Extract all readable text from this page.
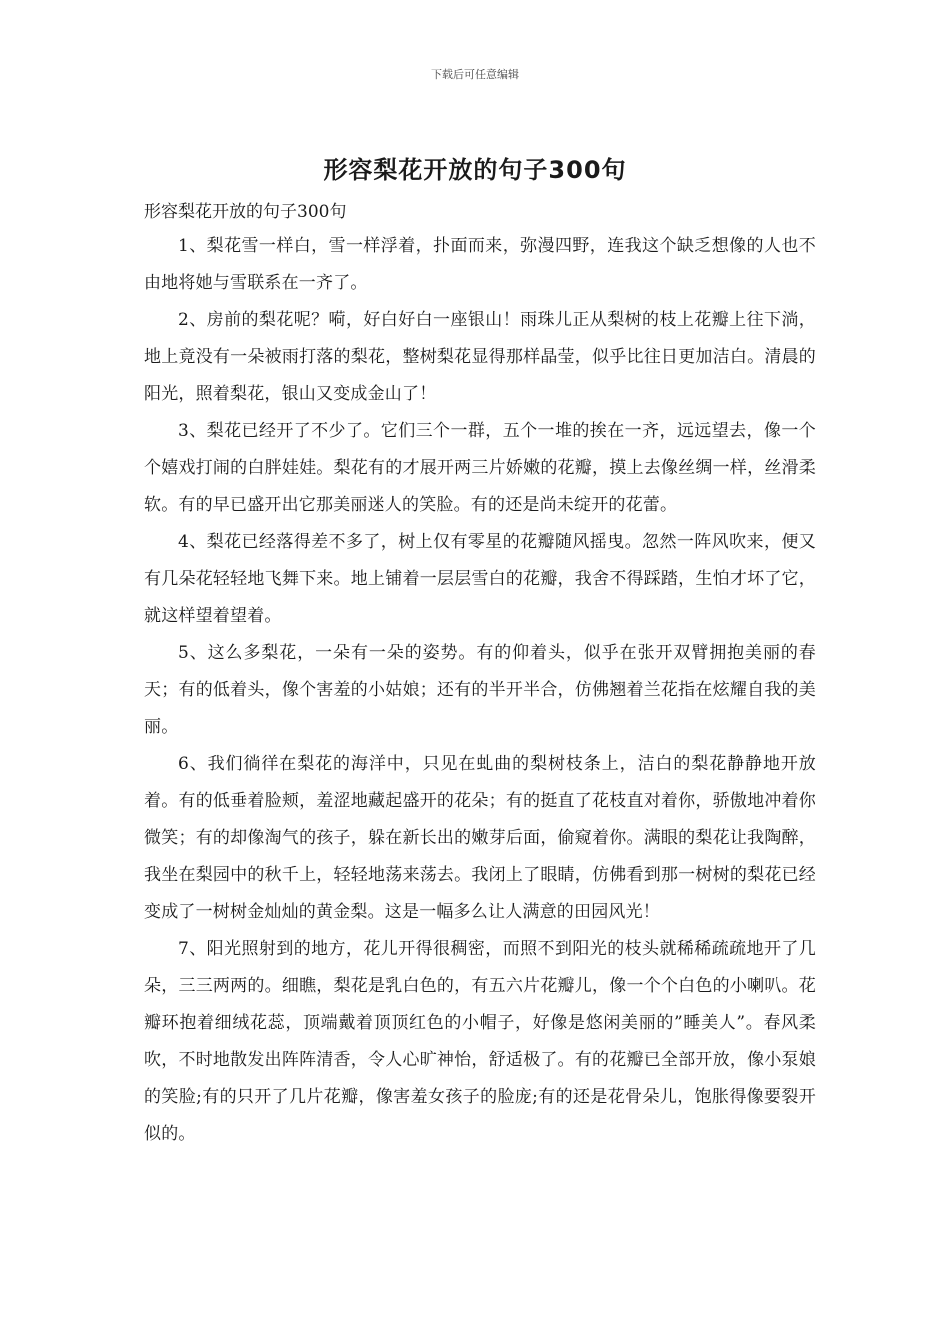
下载后可任意编辑
形容梨花开放的句子300句

形容梨花开放的句子300句

1、梨花雪一样白，雪一样浮着，扑面而来，弥漫四野，连我这个缺乏想像的人也不由地将她与雪联系在一齐了。

2、房前的梨花呢？嗬，好白好白一座银山！雨珠儿正从梨树的枝上花瓣上往下淌，地上竟没有一朵被雨打落的梨花，整树梨花显得那样晶莹，似乎比往日更加洁白。清晨的阳光，照着梨花，银山又变成金山了！

3、梨花已经开了不少了。它们三个一群，五个一堆的挨在一齐，远远望去，像一个个嬉戏打闹的白胖娃娃。梨花有的才展开两三片娇嫩的花瓣，摸上去像丝绸一样，丝滑柔软。有的早已盛开出它那美丽迷人的笑脸。有的还是尚未绽开的花蕾。

4、梨花已经落得差不多了，树上仅有零星的花瓣随风摇曳。忽然一阵风吹来，便又有几朵花轻轻地飞舞下来。地上铺着一层层雪白的花瓣，我舍不得踩踏，生怕才坏了它，就这样望着望着。

5、这么多梨花，一朵有一朵的姿势。有的仰着头，似乎在张开双臂拥抱美丽的春天；有的低着头，像个害羞的小姑娘；还有的半开半合，仿佛翘着兰花指在炫耀自我的美丽。

6、我们徜徉在梨花的海洋中，只见在虬曲的梨树枝条上，洁白的梨花静静地开放着。有的低垂着脸颊，羞涩地藏起盛开的花朵；有的挺直了花枝直对着你，骄傲地冲着你微笑；有的却像淘气的孩子，躲在新长出的嫩芽后面，偷窥着你。满眼的梨花让我陶醉，我坐在梨园中的秋千上，轻轻地荡来荡去。我闭上了眼睛，仿佛看到那一树树的梨花已经变成了一树树金灿灿的黄金梨。这是一幅多么让人满意的田园风光！

7、阳光照射到的地方，花儿开得很稠密，而照不到阳光的枝头就稀稀疏疏地开了几朵，三三两两的。细瞧，梨花是乳白色的，有五六片花瓣儿，像一个个白色的小喇叭。花瓣环抱着细绒花蕊，顶端戴着顶顶红色的小帽子，好像是悠闲美丽的”睡美人”。春风柔吹，不时地散发出阵阵清香，令人心旷神怡，舒适极了。有的花瓣已全部开放，像小泵娘的笑脸;有的只开了几片花瓣，像害羞女孩子的脸庞;有的还是花骨朵儿，饱胀得像要裂开似的。
